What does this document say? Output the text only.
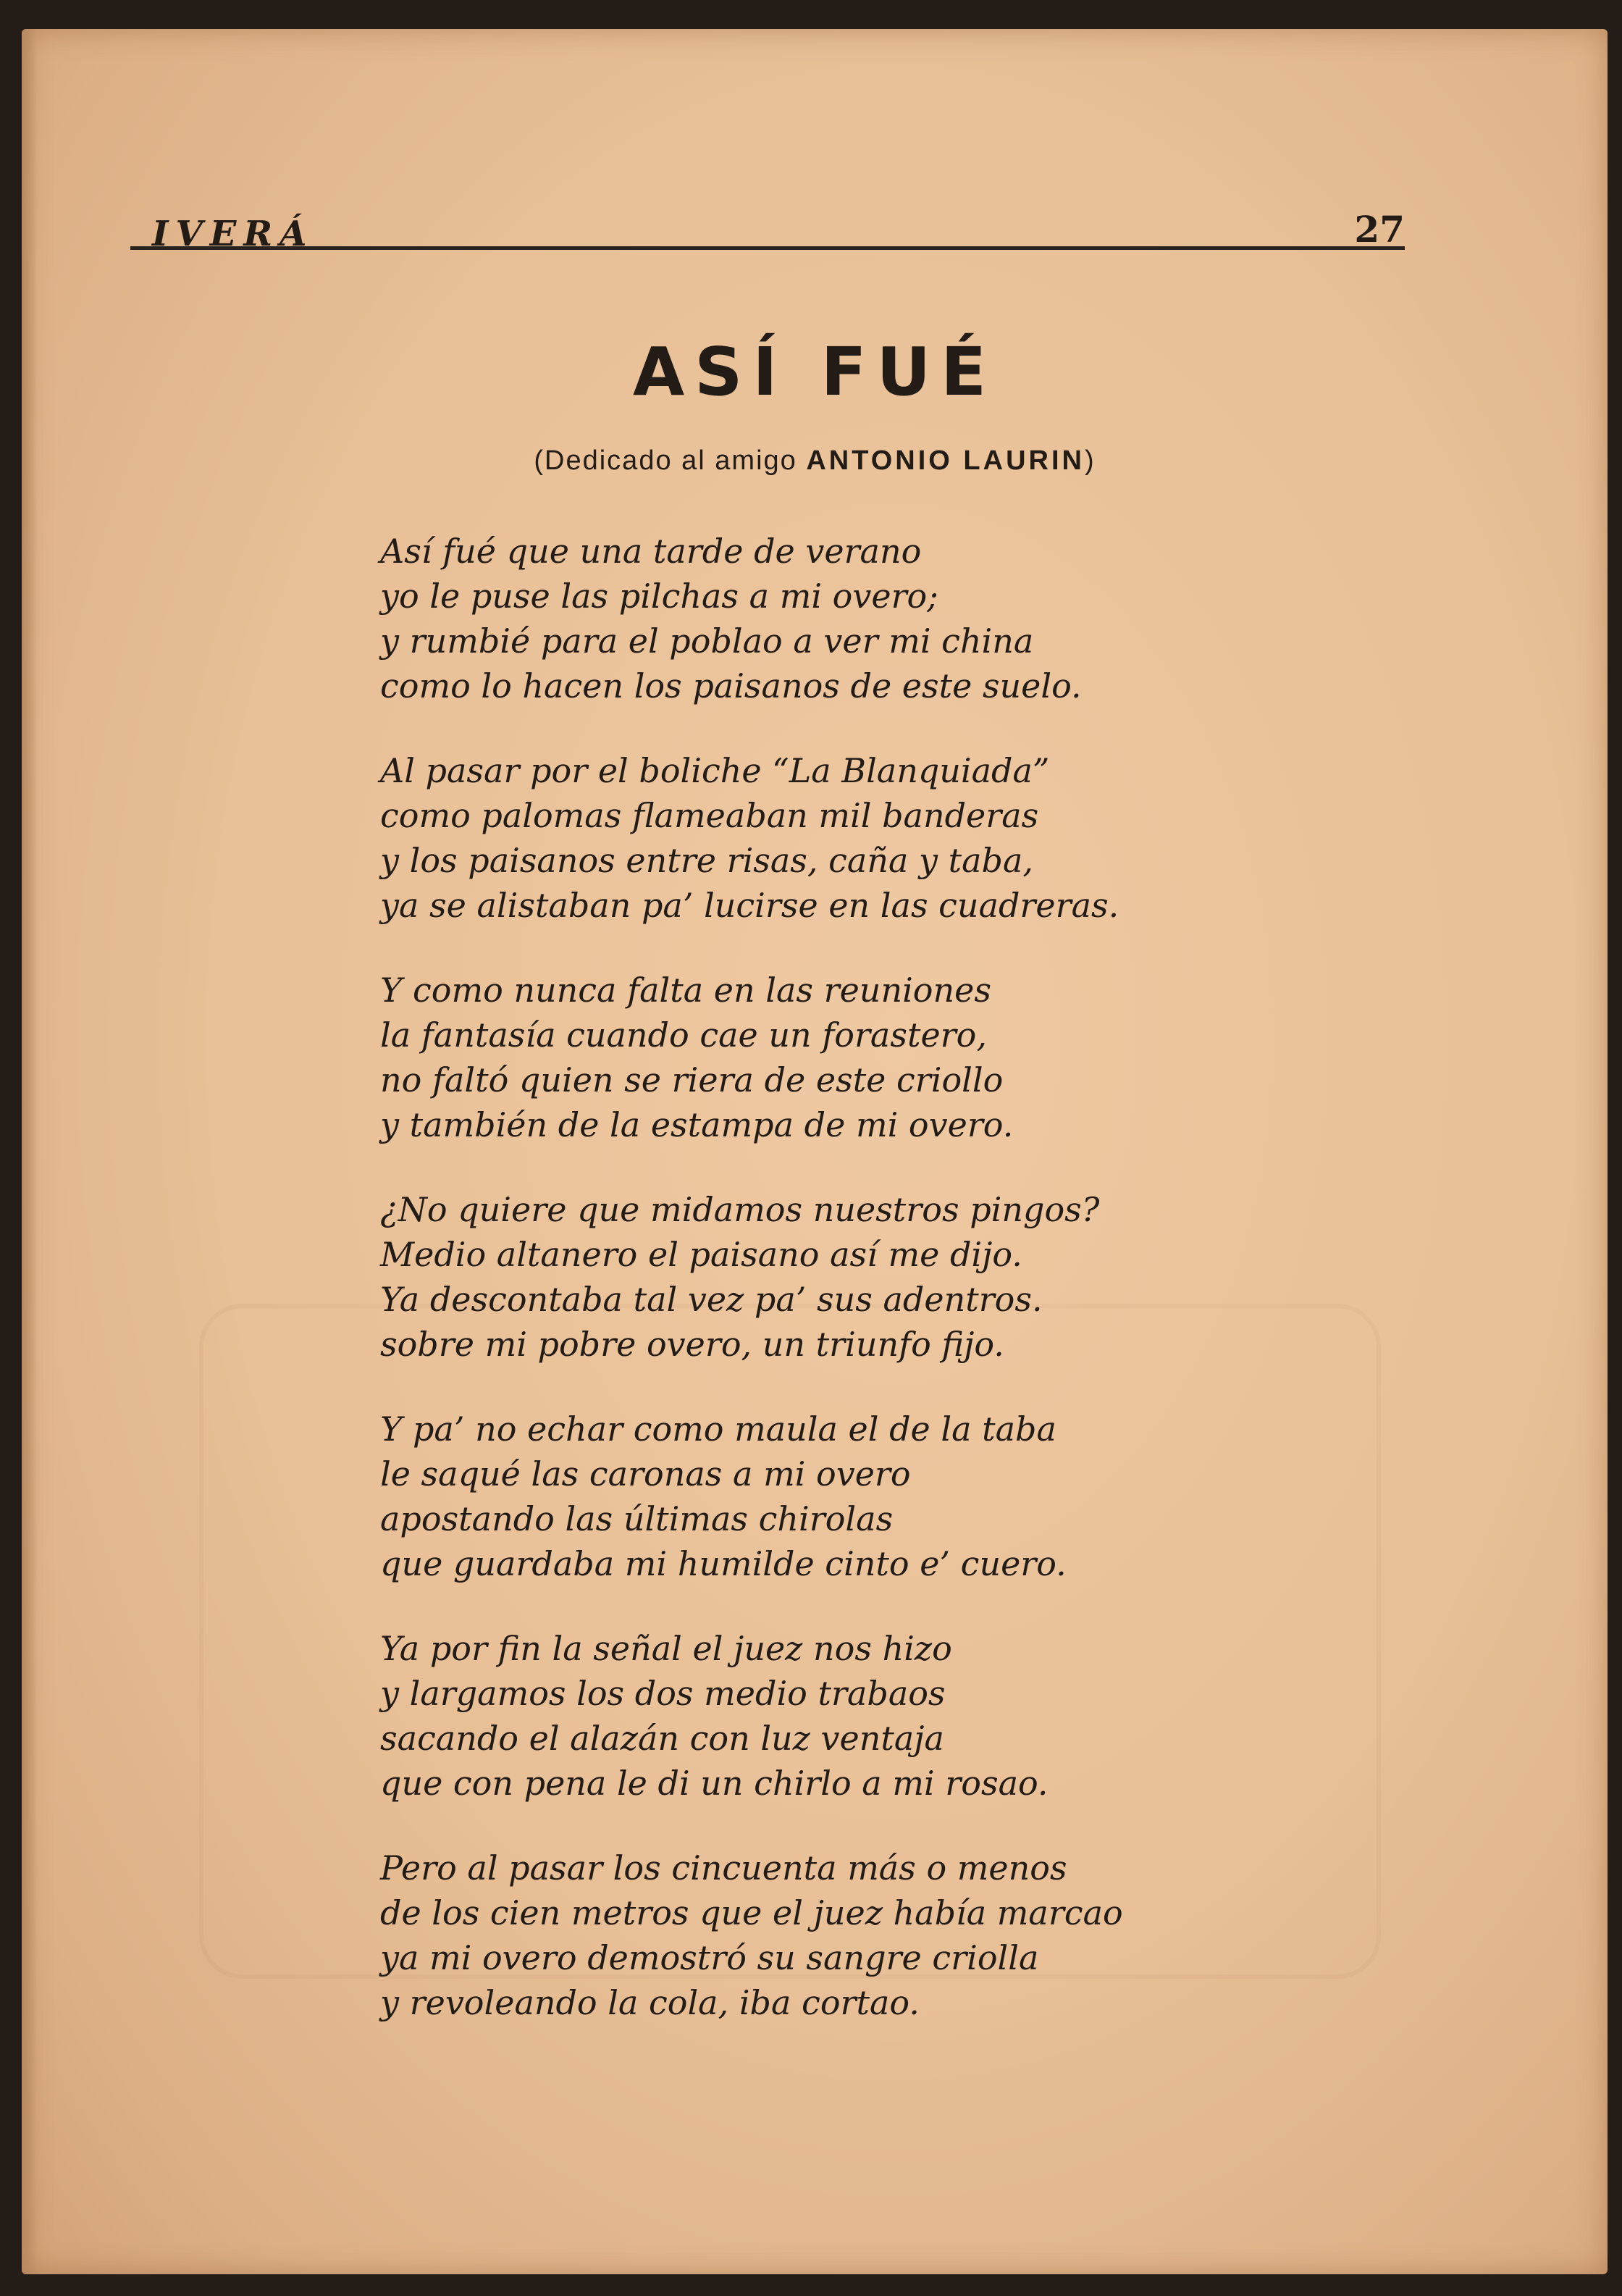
IVERÁ	27
ASÍ FUÉ
(Dedicado al amigo ANTONIO LAURIN)
Así fué que una tarde de verano
yo le puse las pilchas a mi overo;
y rumbié para el poblao a ver mi china
como lo hacen los paisanos de este suelo.
Al pasar por el boliche “La Blanquiada”
como palomas flameaban mil banderas
y los paisanos entre risas, caña y taba,
ya se alistaban pa’ lucirse en las cuadreras.
Y como nunca falta en las reuniones
la fantasía cuando cae un forastero,
no faltó quien se riera de este criollo
y también de la estampa de mi overo.
¿No quiere que midamos nuestros pingos?
Medio altanero el paisano así me dijo.
Ya descontaba tal vez pa’ sus adentros.
sobre mi pobre overo, un triunfo fijo.
Y pa’ no echar como maula el de la taba
le saqué las caronas a mi overo
apostando las últimas chirolas
que guardaba mi humilde cinto e’ cuero.
Ya por fin la señal el juez nos hizo
y largamos los dos medio trabaos
sacando el alazán con luz ventaja
que con pena le di un chirlo a mi rosao.
Pero al pasar los cincuenta más o menos
de los cien metros que el juez había marcao
ya mi overo demostró su sangre criolla
y revoleando la cola, iba cortao.
